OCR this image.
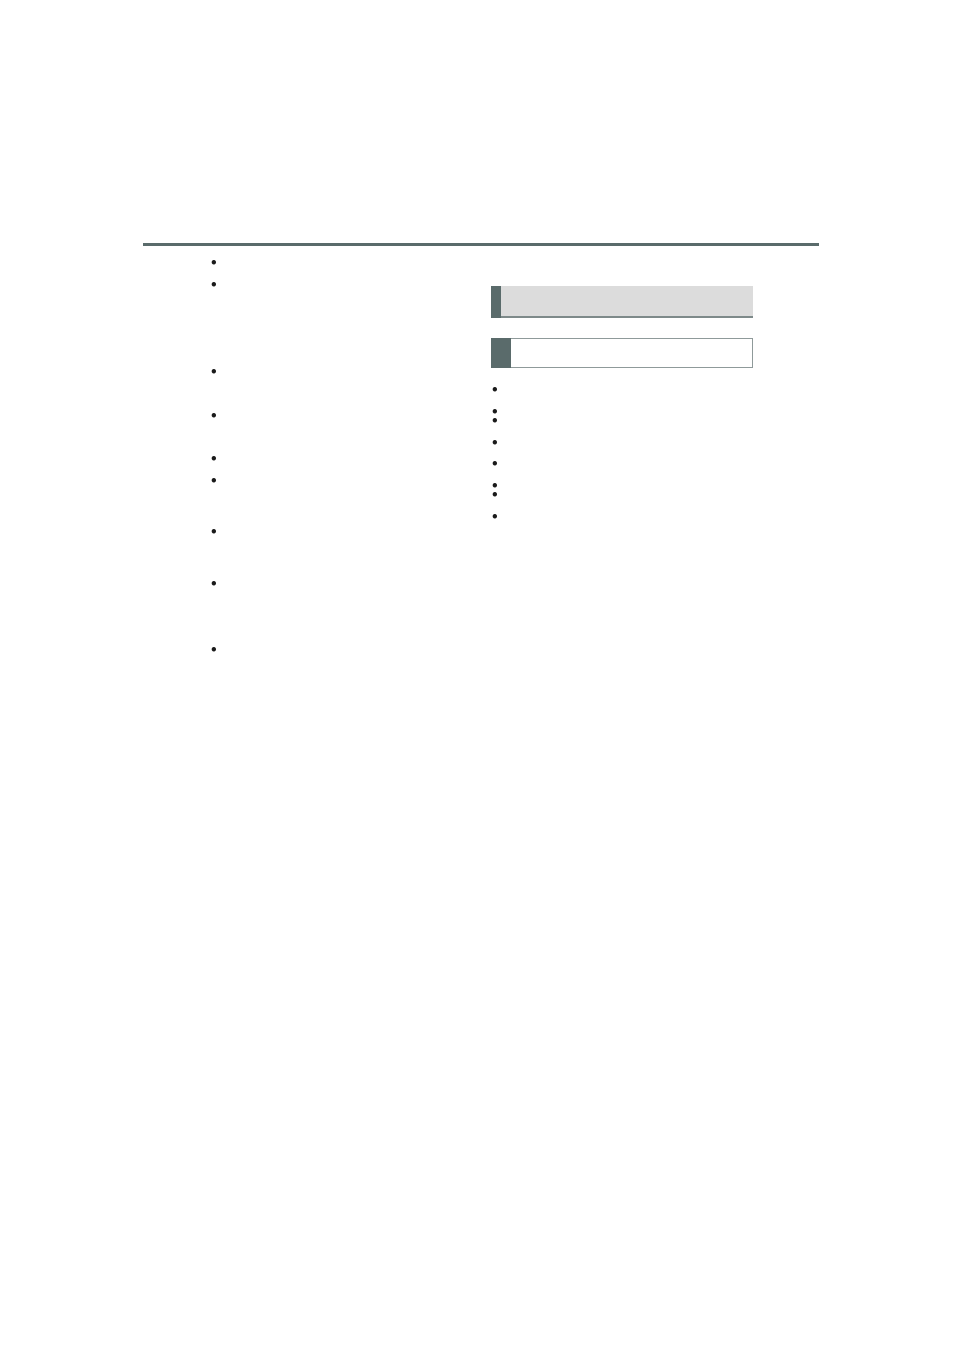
•

•

•

•

•

•

•

•

•

•

•

•

•

•
